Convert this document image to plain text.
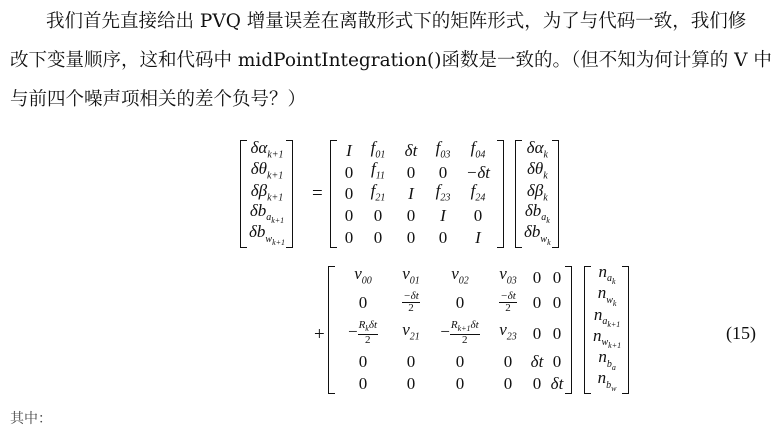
我们首先直接给出 PVQ 增量误差在离散形式下的矩阵形式，为了与代码一致，我们修
改下变量顺序，这和代码中 midPointIntegration()函数是一致的。（但不知为何计算的 V 中
与前四个噪声项相关的差个负号？）
$\delta\alpha_{k+1}$
$\delta\theta_{k+1}$
$\delta\beta_{k+1}$
$\delta b_{a_{k+1}}$
$\delta b_{w_{k+1}}$
=
I	$f_{01}$	δt	$f_{03}$	$f_{04}$
0	$f_{11}$	0	0	−δt
0	$f_{21}$	I	$f_{23}$	$f_{24}$
0	0	0	I	0
0	0	0	0	I
$\delta\alpha_k$
$\delta\theta_k$
$\delta\beta_k$
$\delta b_{a_k}$
$\delta b_{w_k}$
+
$v_{00}$	$v_{01}$	$v_{02}$	$v_{03}$ 0 0
0	$\frac{-\delta t}{2}$	0	$\frac{-\delta t}{2} 0$ 0
− $\frac{R_k\delta t}{2}$	$v_{21}$	− $\frac{R_{k+1}\delta t}{2}$	$v_{23}$ 0 0
0	0	0	0	δt 0
0	0	0	0	0 δt
$n_{a_k}$
$n_{w_k}$
$n_{a_{k+1}}$
$n_{w_{k+1}}$
$n_{b_a}$
$n_{b_w}$
(15)
其中：
